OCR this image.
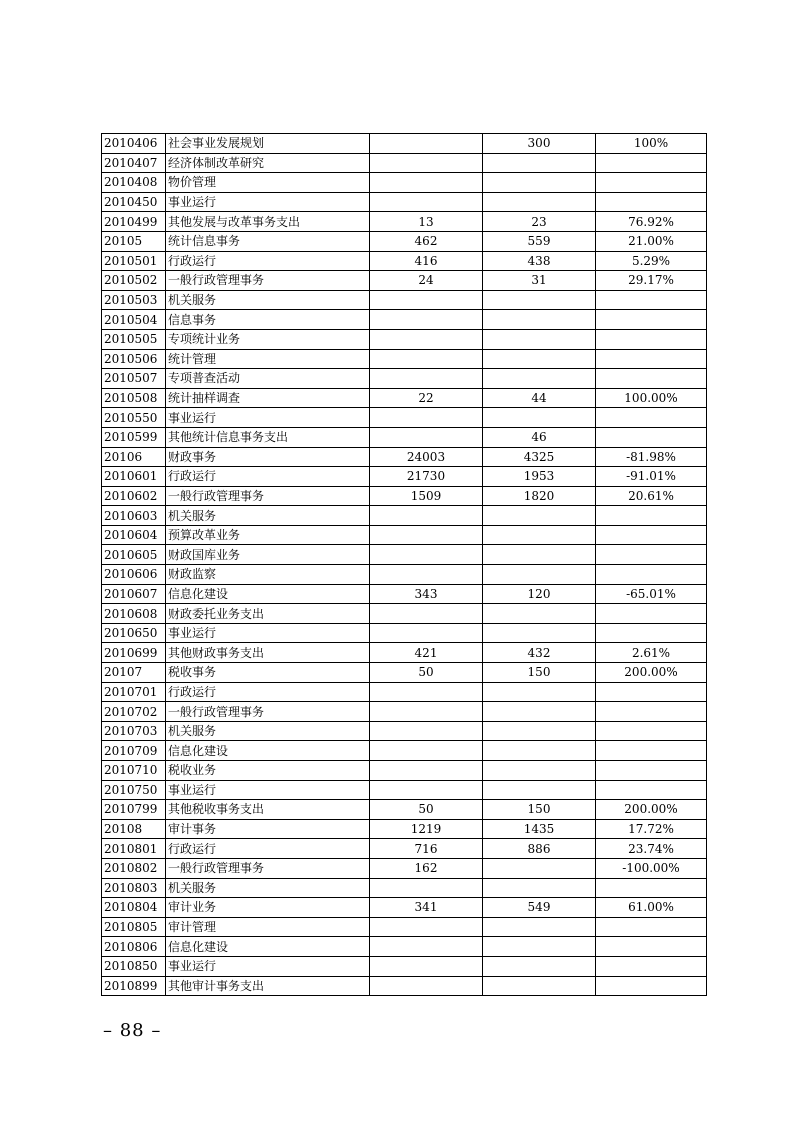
2010406	社会事业发展规划		300	100%
2010407	经济体制改革研究			
2010408	物价管理			
2010450	事业运行			
2010499	其他发展与改革事务支出	13	23	76.92%
20105	统计信息事务	462	559	21.00%
2010501	行政运行	416	438	5.29%
2010502	一般行政管理事务	24	31	29.17%
2010503	机关服务			
2010504	信息事务			
2010505	专项统计业务			
2010506	统计管理			
2010507	专项普查活动			
2010508	统计抽样调查	22	44	100.00%
2010550	事业运行			
2010599	其他统计信息事务支出		46	
20106	财政事务	24003	4325	-81.98%
2010601	行政运行	21730	1953	-91.01%
2010602	一般行政管理事务	1509	1820	20.61%
2010603	机关服务			
2010604	预算改革业务			
2010605	财政国库业务			
2010606	财政监察			
2010607	信息化建设	343	120	-65.01%
2010608	财政委托业务支出			
2010650	事业运行			
2010699	其他财政事务支出	421	432	2.61%
20107	税收事务	50	150	200.00%
2010701	行政运行			
2010702	一般行政管理事务			
2010703	机关服务			
2010709	信息化建设			
2010710	税收业务			
2010750	事业运行			
2010799	其他税收事务支出	50	150	200.00%
20108	审计事务	1219	1435	17.72%
2010801	行政运行	716	886	23.74%
2010802	一般行政管理事务	162		-100.00%
2010803	机关服务			
2010804	审计业务	341	549	61.00%
2010805	审计管理			
2010806	信息化建设			
2010850	事业运行			
2010899	其他审计事务支出			
– 88 –
